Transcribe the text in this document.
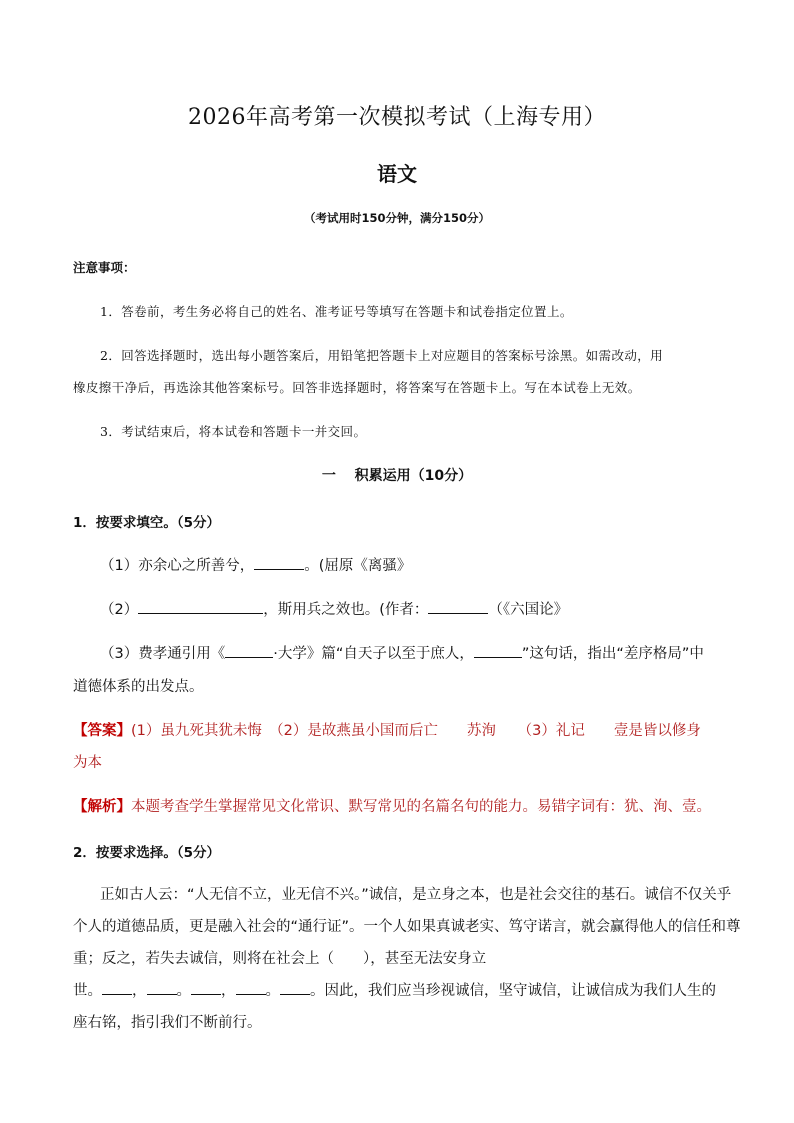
2026年高考第一次模拟考试（上海专用）
语文
（考试用时150分钟，满分150分）
注意事项：
1．答卷前，考生务必将自己的姓名、准考证号等填写在答题卡和试卷指定位置上。
2．回答选择题时，选出每小题答案后，用铅笔把答题卡上对应题目的答案标号涂黑。如需改动，用
橡皮擦干净后，再选涂其他答案标号。回答非选择题时，将答案写在答题卡上。写在本试卷上无效。
3．考试结束后，将本试卷和答题卡一并交回。
一　 积累运用（10分）
1．按要求填空。（5分）
（1）亦余心之所善兮，	。(屈原《离骚》
（2）	，斯用兵之效也。(作者：	（《六国论》
（3）费孝通引用《	·大学》篇“自天子以至于庶人，	”这句话，指出“差序格局”中
道德体系的出发点。
【答案】(1）虽九死其犹未悔　（2）是故燕虽小国而后亡　　苏洵　　（3）礼记　　壹是皆以修身
为本
【解析】本题考查学生掌握常见文化常识、默写常见的名篇名句的能力。易错字词有：犹、洵、壹。
2．按要求选择。（5分）
正如古人云：“人无信不立，业无信不兴。”诚信，是立身之本，也是社会交往的基石。诚信不仅关乎
个人的道德品质，更是融入社会的“通行证”。一个人如果真诚老实、笃守诺言，就会赢得他人的信任和尊
重；反之，若失去诚信，则将在社会上（　　），甚至无法安身立
世。 ， 。 ， 。 。因此，我们应当珍视诚信，坚守诚信，让诚信成为我们人生的
座右铭，指引我们不断前行。
